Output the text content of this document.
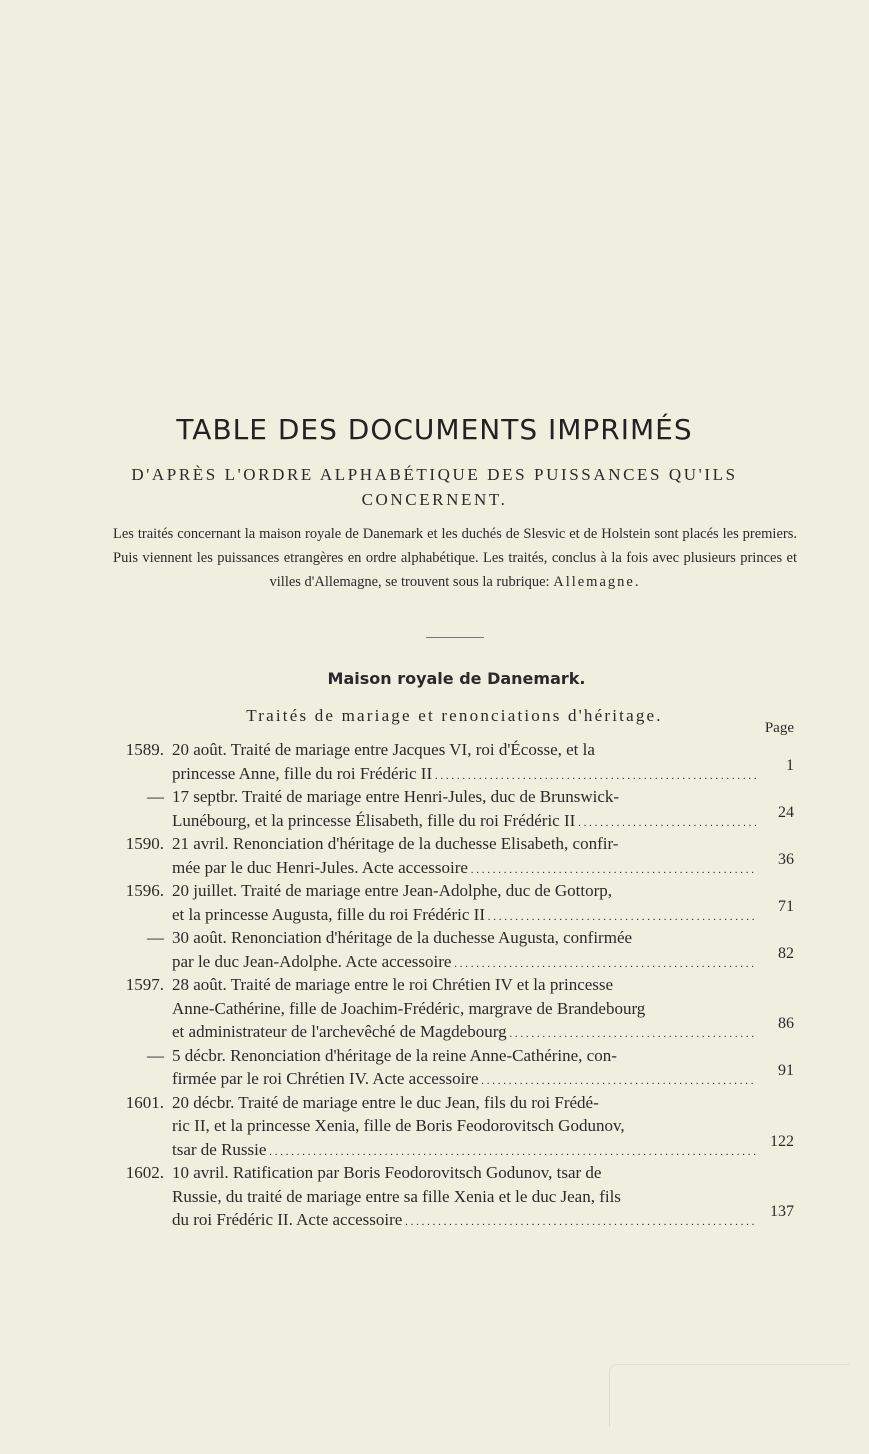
TABLE DES DOCUMENTS IMPRIMÉS
D'APRÈS L'ORDRE ALPHABÉTIQUE DES PUISSANCES QU'ILS
CONCERNENT.
Les traités concernant la maison royale de Danemark et les duchés de Slesvic et de Holstein sont placés les premiers. Puis viennent les puissances etrangères en ordre alphabétique. Les traités, conclus à la fois avec plusieurs princes et villes d'Allemagne, se trouvent sous la rubrique: Allemagne.
Maison royale de Danemark.
Traités de mariage et renonciations d'héritage.
Page
1589. 20 août. Traité de mariage entre Jacques VI, roi d'Écosse, et la
princesse Anne, fille du roi Frédéric II . . .	1
— 17 septbr. Traité de mariage entre Henri-Jules, duc de Brunswick-
Lunébourg, et la princesse Élisabeth, fille du roi Frédéric II . . .	24
1590. 21 avril. Renonciation d'héritage de la duchesse Elisabeth, confir-
mée par le duc Henri-Jules. Acte accessoire . . .	36
1596. 20 juillet. Traité de mariage entre Jean-Adolphe, duc de Gottorp,
et la princesse Augusta, fille du roi Frédéric II . . .	71
— 30 août. Renonciation d'héritage de la duchesse Augusta, confirmée
par le duc Jean-Adolphe. Acte accessoire . . .	82
1597. 28 août. Traité de mariage entre le roi Chrétien IV et la princesse
Anne-Cathérine, fille de Joachim-Frédéric, margrave de Brandebourg
et administrateur de l'archevêché de Magdebourg . . .	86
— 5 décbr. Renonciation d'héritage de la reine Anne-Cathérine, con-
firmée par le roi Chrétien IV. Acte accessoire . . .	91
1601. 20 décbr. Traité de mariage entre le duc Jean, fils du roi Frédé-
ric II, et la princesse Xenia, fille de Boris Feodorovitsch Godunov,
tsar de Russie . . .	122
1602. 10 avril. Ratification par Boris Feodorovitsch Godunov, tsar de
Russie, du traité de mariage entre sa fille Xenia et le duc Jean, fils
du roi Frédéric II. Acte accessoire . . .	137
